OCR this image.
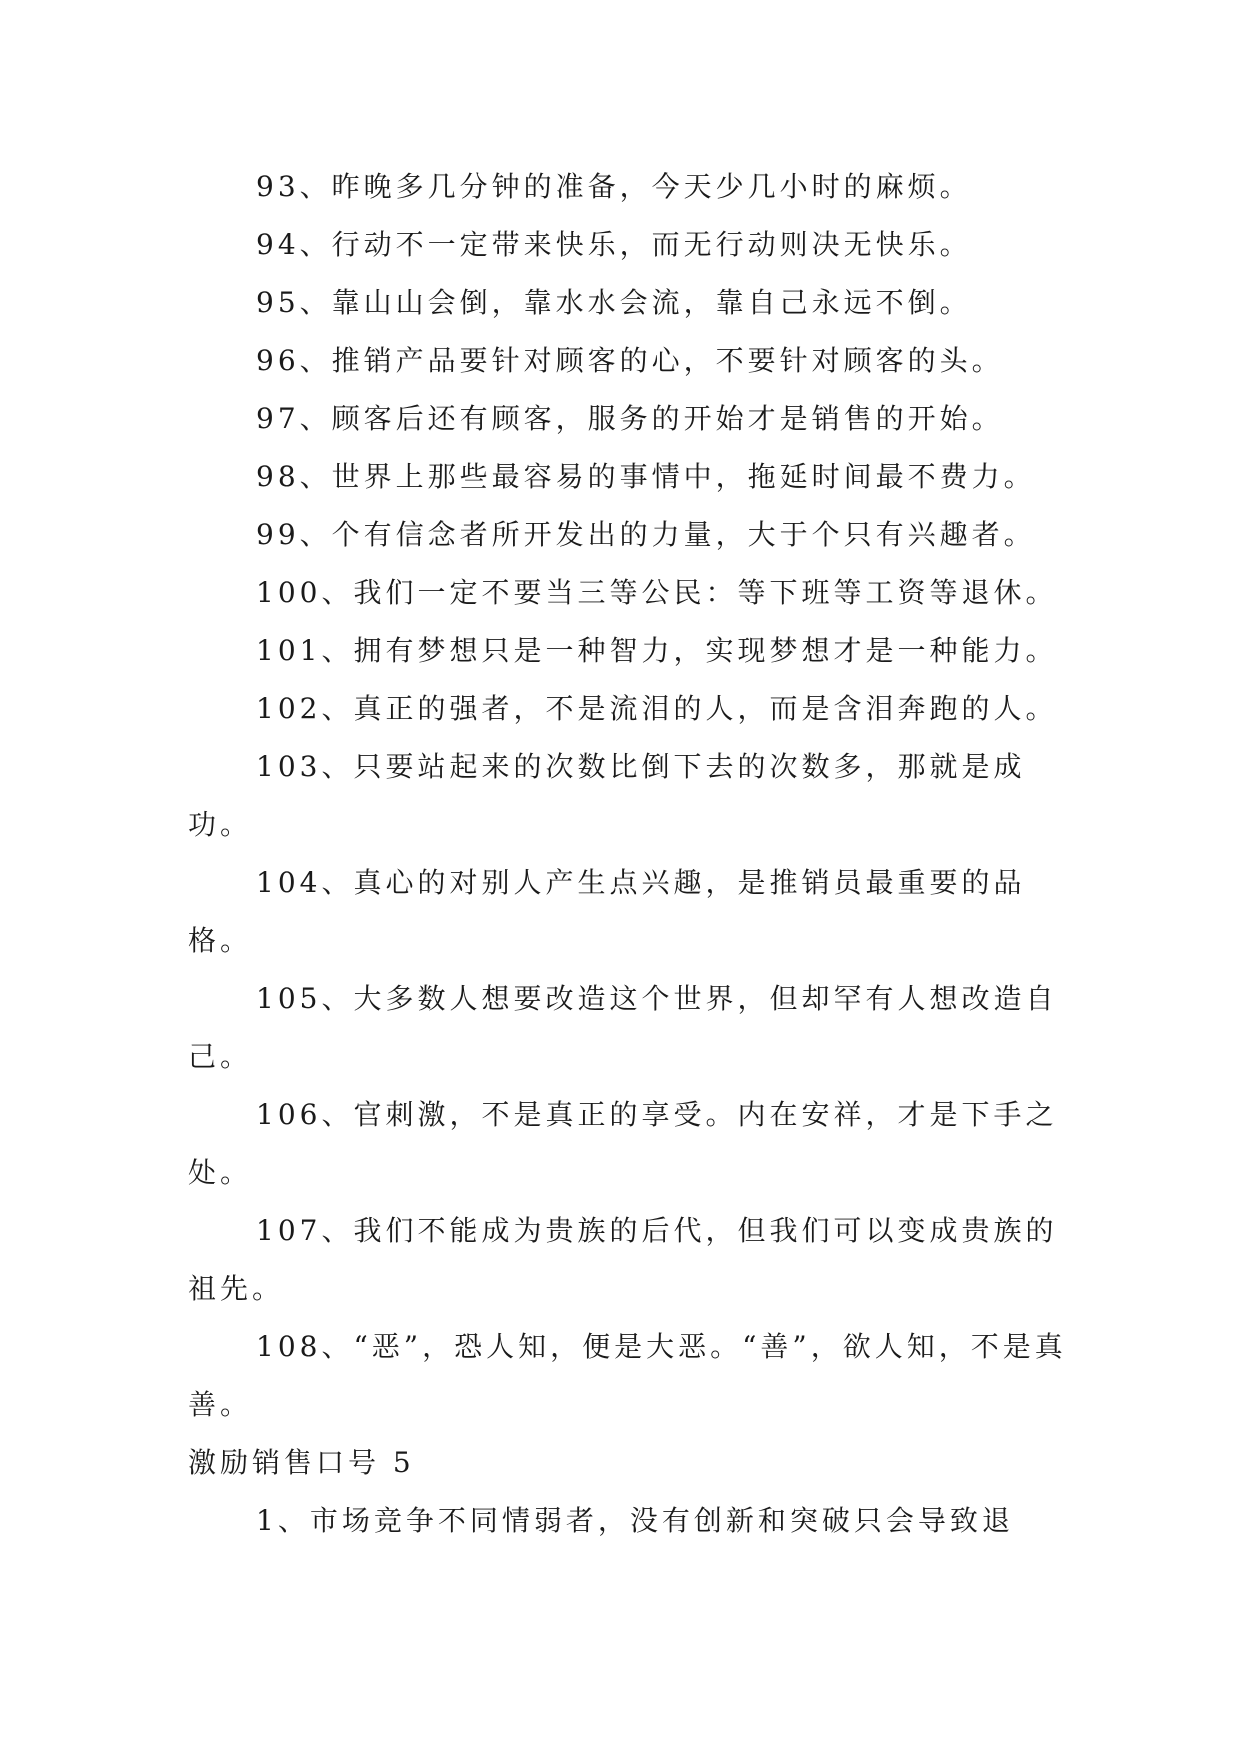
93、昨晚多几分钟的准备，今天少几小时的麻烦。

94、行动不一定带来快乐，而无行动则决无快乐。

95、靠山山会倒，靠水水会流，靠自己永远不倒。

96、推销产品要针对顾客的心，不要针对顾客的头。

97、顾客后还有顾客，服务的开始才是销售的开始。

98、世界上那些最容易的事情中，拖延时间最不费力。

99、个有信念者所开发出的力量，大于个只有兴趣者。

100、我们一定不要当三等公民：等下班等工资等退休。

101、拥有梦想只是一种智力，实现梦想才是一种能力。

102、真正的强者，不是流泪的人，而是含泪奔跑的人。

103、只要站起来的次数比倒下去的次数多，那就是成功。

104、真心的对别人产生点兴趣，是推销员最重要的品格。

105、大多数人想要改造这个世界，但却罕有人想改造自己。

106、官刺激，不是真正的享受。内在安祥，才是下手之处。

107、我们不能成为贵族的后代，但我们可以变成贵族的祖先。

108、“恶”，恐人知，便是大恶。“善”，欲人知，不是真善。

激励销售口号 5

1、市场竞争不同情弱者，没有创新和突破只会导致退
